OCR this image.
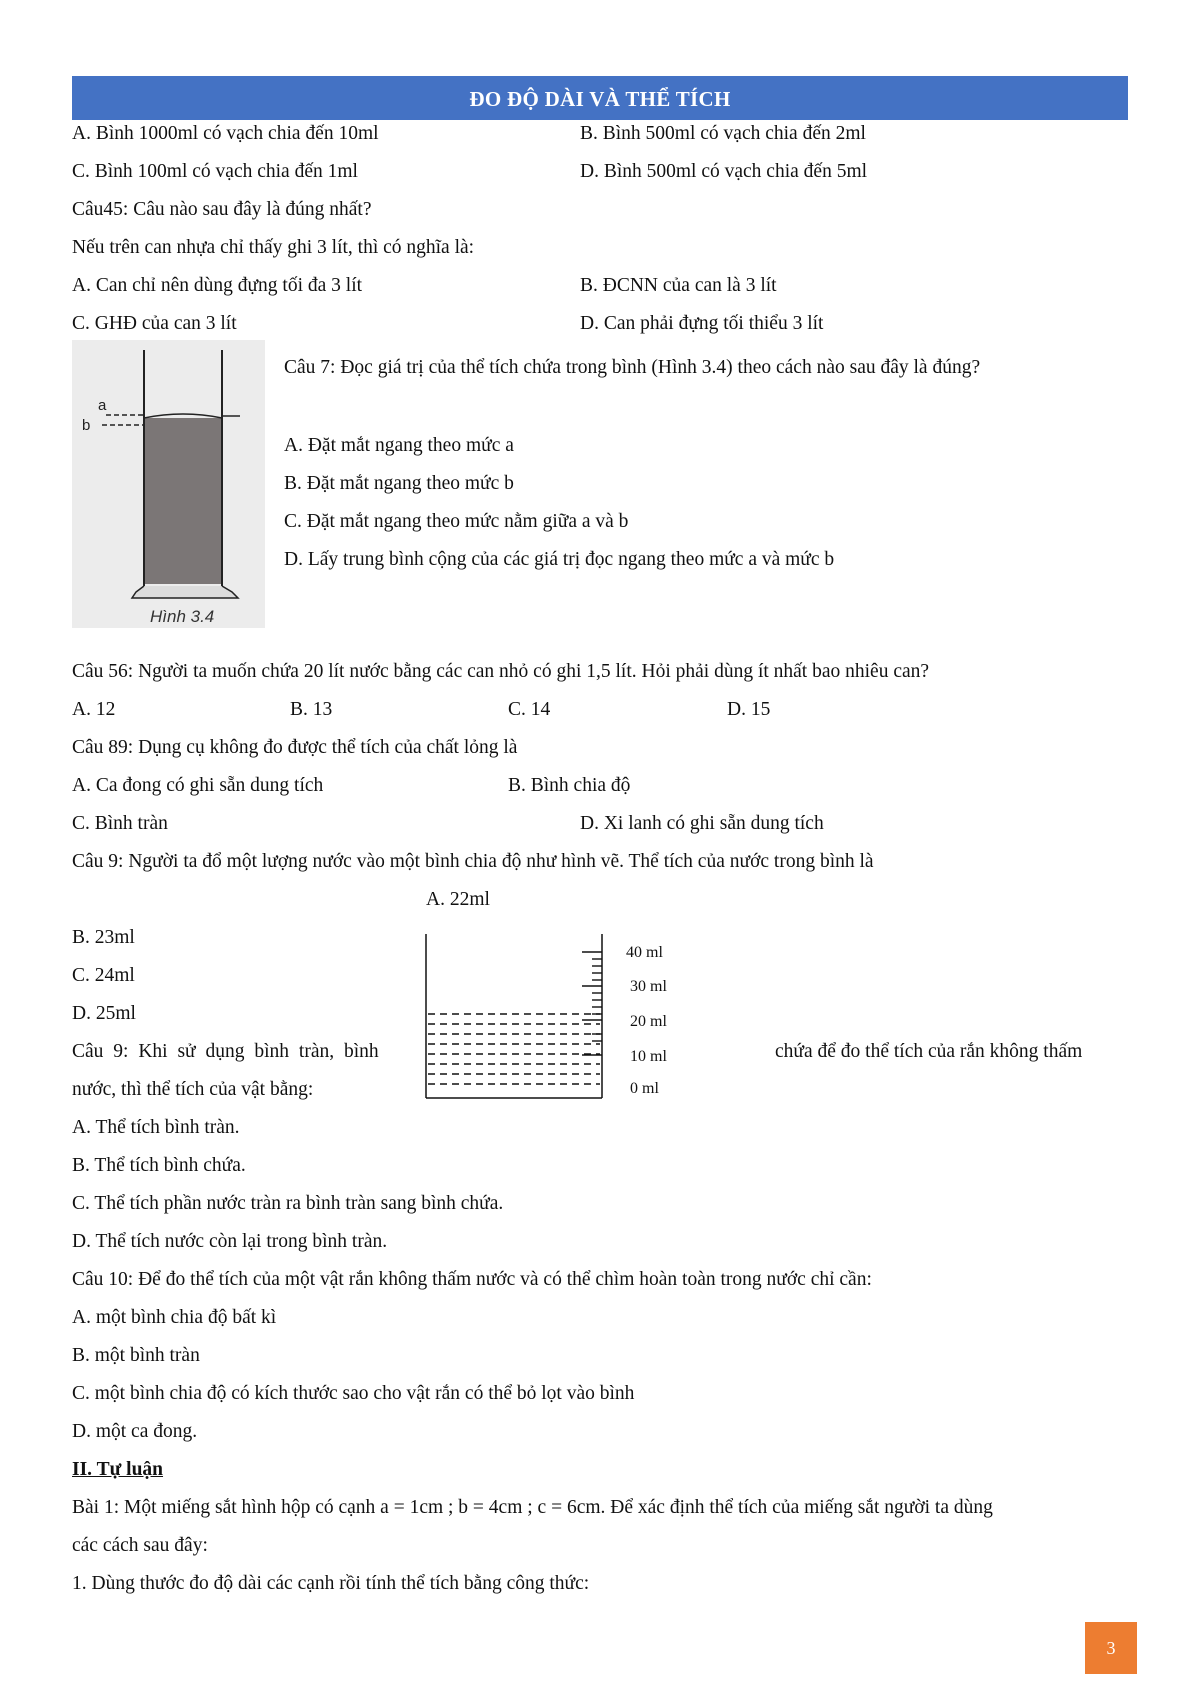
ĐO ĐỘ DÀI VÀ THỂ TÍCH
A. Bình 1000ml có vạch chia đến 10ml	B. Bình 500ml có vạch chia đến 2ml
C. Bình 100ml có vạch chia đến 1ml	D. Bình 500ml có vạch chia đến 5ml
Câu45: Câu nào sau đây là đúng nhất?
Nếu trên can nhựa chỉ thấy ghi 3 lít, thì có nghĩa là:
A. Can chỉ nên dùng đựng tối đa 3 lít	B. ĐCNN của can là 3 lít
C. GHĐ của can 3 lít	D. Can phải đựng tối thiểu 3 lít
a
b
Hình 3.4
Câu 7: Đọc giá trị của thể tích chứa trong bình (Hình 3.4) theo cách nào sau đây là đúng?
A. Đặt mắt ngang theo mức a
B. Đặt mắt ngang theo mức b
C. Đặt mắt ngang theo mức nằm giữa a và b
D. Lấy trung bình cộng của các giá trị đọc ngang theo mức a và mức b
Câu 56: Người ta muốn chứa 20 lít nước bằng các can nhỏ có ghi 1,5 lít. Hỏi phải dùng ít nhất bao nhiêu can?
A. 12	B. 13	C. 14	D. 15
Câu 89: Dụng cụ không đo được thể tích của chất lỏng là
A. Ca đong có ghi sẵn dung tích	B. Bình chia độ
C. Bình tràn	D. Xi lanh có ghi sẵn dung tích
Câu 9: Người ta đổ một lượng nước vào một bình chia độ như hình vẽ. Thể tích của nước trong bình là
A. 22ml
B. 23ml
C. 24ml
D. 25ml
40 ml
30 ml
20 ml
10 ml
0 ml
Câu 9: Khi sử dụng bình tràn, bình	chứa để đo thể tích của rắn không thấm
nước, thì thể tích của vật bằng:
A. Thể tích bình tràn.
B. Thể tích bình chứa.
C. Thể tích phần nước tràn ra bình tràn sang bình chứa.
D. Thể tích nước còn lại trong bình tràn.
Câu 10: Để đo thể tích của một vật rắn không thấm nước và có thể chìm hoàn toàn trong nước chỉ cần:
A. một bình chia độ bất kì
B. một bình tràn
C. một bình chia độ có kích thước sao cho vật rắn có thể bỏ lọt vào bình
D. một ca đong.
II. Tự luận
Bài 1: Một miếng sắt hình hộp có cạnh a = 1cm ; b = 4cm ; c = 6cm. Để xác định thể tích của miếng sắt người ta dùng
các cách sau đây:
1. Dùng thước đo độ dài các cạnh rồi tính thể tích bằng công thức:
3
